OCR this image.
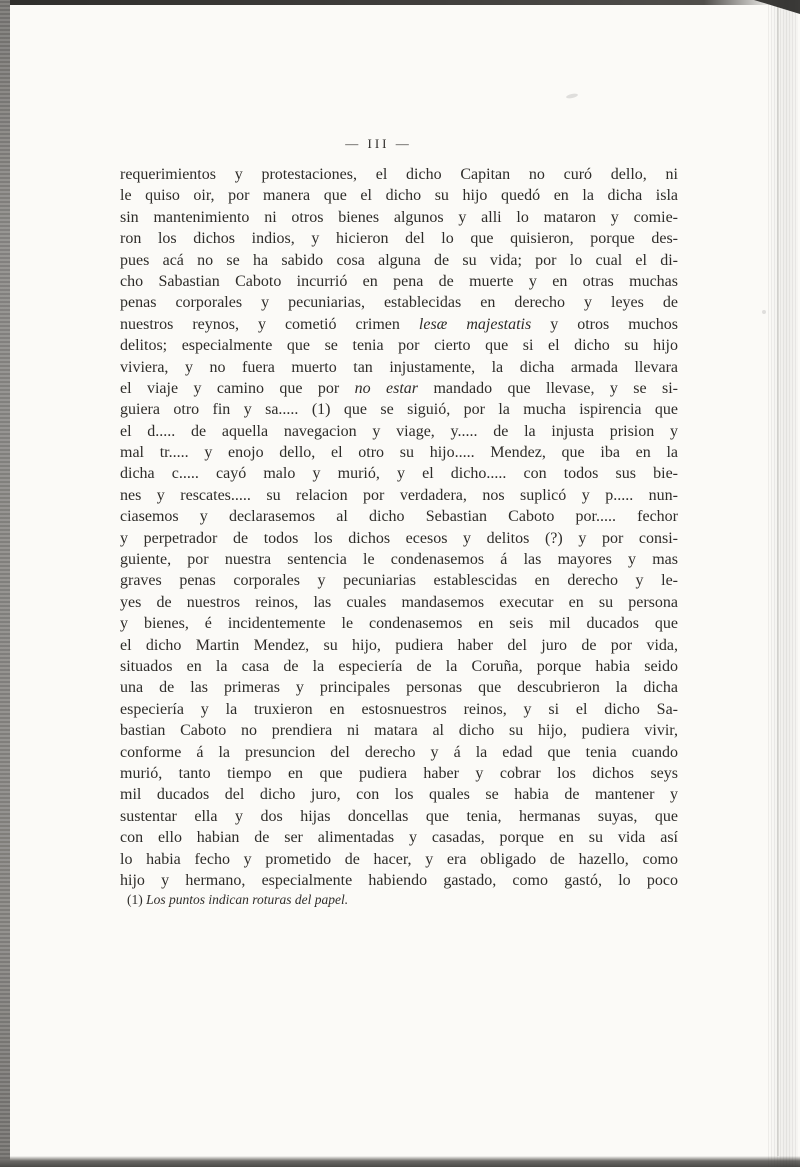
— III —
requerimientos y protestaciones, el dicho Capitan no curó dello, ni
le quiso oir, por manera que el dicho su hijo quedó en la dicha isla
sin mantenimiento ni otros bienes algunos y alli lo mataron y comie-
ron los dichos indios, y hicieron del lo que quisieron, porque des-
pues acá no se ha sabido cosa alguna de su vida; por lo cual el di-
cho Sabastian Caboto incurrió en pena de muerte y en otras muchas
penas corporales y pecuniarias, establecidas en derecho y leyes de
nuestros reynos, y cometió crimen lesæ majestatis y otros muchos
delitos; especialmente que se tenia por cierto que si el dicho su hijo
viviera, y no fuera muerto tan injustamente, la dicha armada llevara
el viaje y camino que por no estar mandado que llevase, y se si-
guiera otro fin y sa..... (1) que se siguió, por la mucha ispirencia que
el d..... de aquella navegacion y viage, y..... de la injusta prision y
mal tr..... y enojo dello, el otro su hijo..... Mendez, que iba en la
dicha c..... cayó malo y murió, y el dicho..... con todos sus bie-
nes y rescates..... su relacion por verdadera, nos suplicó y p..... nun-
ciasemos y declarasemos al dicho Sebastian Caboto por..... fechor
y perpetrador de todos los dichos ecesos y delitos (?) y por consi-
guiente, por nuestra sentencia le condenasemos á las mayores y mas
graves penas corporales y pecuniarias establescidas en derecho y le-
yes de nuestros reinos, las cuales mandasemos executar en su persona
y bienes, é incidentemente le condenasemos en seis mil ducados que
el dicho Martin Mendez, su hijo, pudiera haber del juro de por vida,
situados en la casa de la especiería de la Coruña, porque habia seido
una de las primeras y principales personas que descubrieron la dicha
especiería y la truxieron en estosnuestros reinos, y si el dicho Sa-
bastian Caboto no prendiera ni matara al dicho su hijo, pudiera vivir,
conforme á la presuncion del derecho y á la edad que tenia cuando
murió, tanto tiempo en que pudiera haber y cobrar los dichos seys
mil ducados del dicho juro, con los quales se habia de mantener y
sustentar ella y dos hijas doncellas que tenia, hermanas suyas, que
con ello habian de ser alimentadas y casadas, porque en su vida así
lo habia fecho y prometido de hacer, y era obligado de hazello, como
hijo y hermano, especialmente habiendo gastado, como gastó, lo poco
(1) Los puntos indican roturas del papel.
